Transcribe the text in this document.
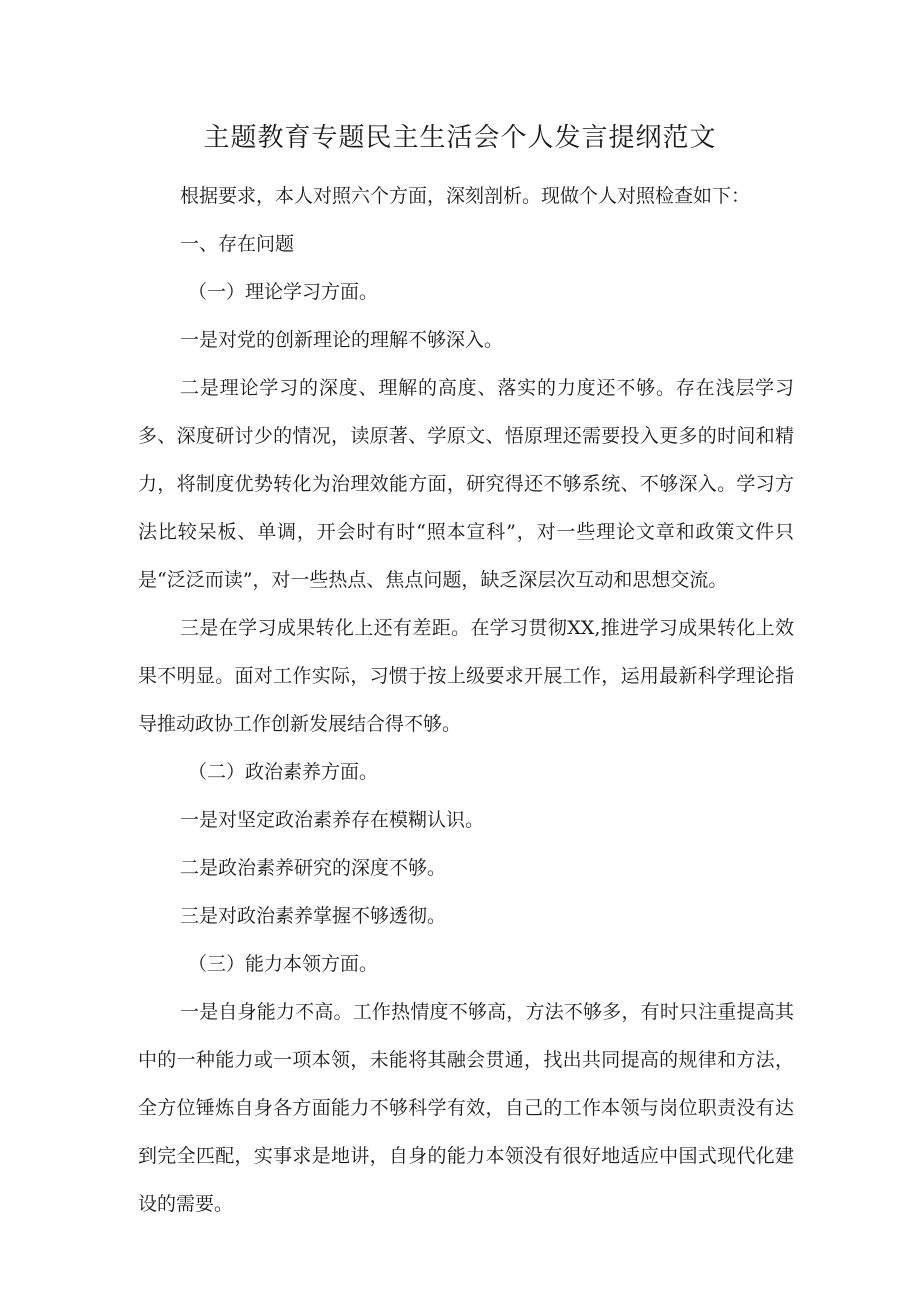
主题教育专题民主生活会个人发言提纲范文

根据要求，本人对照六个方面，深刻剖析。现做个人对照检查如下：

一、存在问题

（一）理论学习方面。

一是对党的创新理论的理解不够深入。

二是理论学习的深度、理解的高度、落实的力度还不够。存在浅层学习多、深度研讨少的情况，读原著、学原文、悟原理还需要投入更多的时间和精力，将制度优势转化为治理效能方面，研究得还不够系统、不够深入。学习方法比较呆板、单调，开会时有时“照本宣科”，对一些理论文章和政策文件只是“泛泛而读”，对一些热点、焦点问题，缺乏深层次互动和思想交流。

三是在学习成果转化上还有差距。在学习贯彻XX,推进学习成果转化上效果不明显。面对工作实际，习惯于按上级要求开展工作，运用最新科学理论指导推动政协工作创新发展结合得不够。

（二）政治素养方面。

一是对坚定政治素养存在模糊认识。

二是政治素养研究的深度不够。

三是对政治素养掌握不够透彻。

（三）能力本领方面。

一是自身能力不高。工作热情度不够高，方法不够多，有时只注重提高其中的一种能力或一项本领，未能将其融会贯通，找出共同提高的规律和方法，全方位锤炼自身各方面能力不够科学有效，自己的工作本领与岗位职责没有达到完全匹配，实事求是地讲，自身的能力本领没有很好地适应中国式现代化建设的需要。
